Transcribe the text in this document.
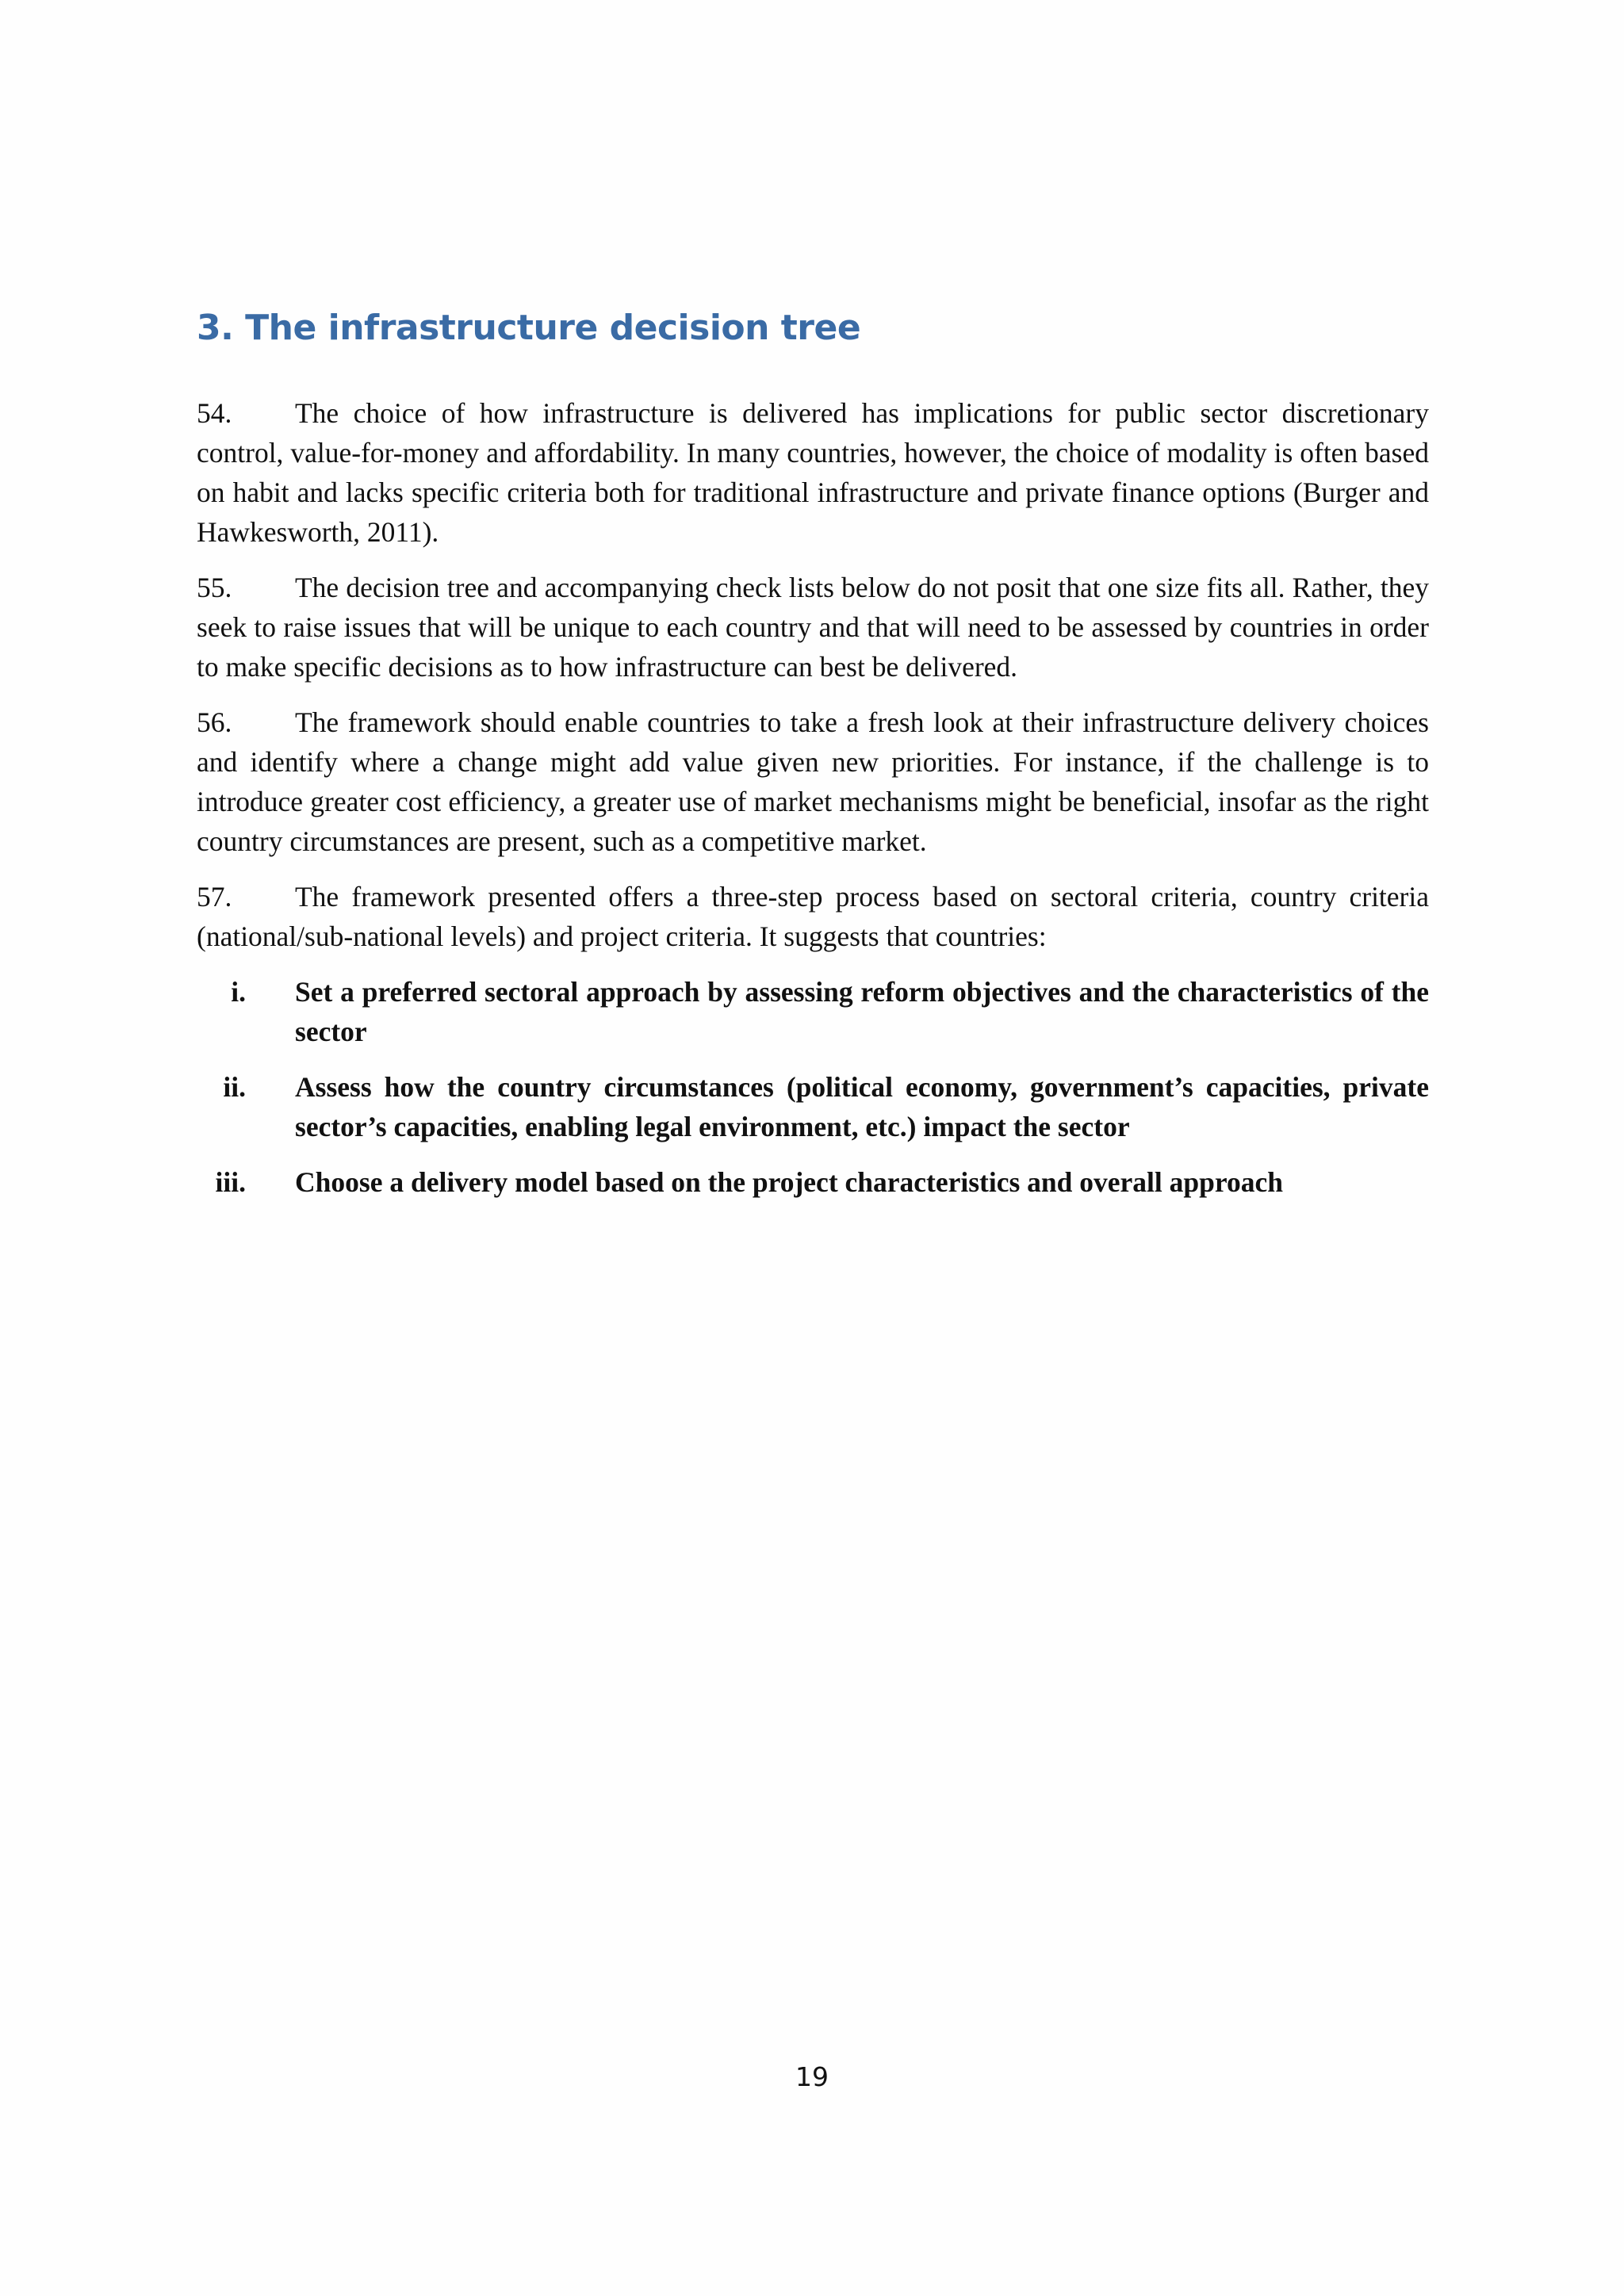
3. The infrastructure decision tree

54. The choice of how infrastructure is delivered has implications for public sector discretionary control, value-for-money and affordability. In many countries, however, the choice of modality is often based on habit and lacks specific criteria both for traditional infrastructure and private finance options (Burger and Hawkesworth, 2011).

55. The decision tree and accompanying check lists below do not posit that one size fits all. Rather, they seek to raise issues that will be unique to each country and that will need to be assessed by countries in order to make specific decisions as to how infrastructure can best be delivered.

56. The framework should enable countries to take a fresh look at their infrastructure delivery choices and identify where a change might add value given new priorities. For instance, if the challenge is to introduce greater cost efficiency, a greater use of market mechanisms might be beneficial, insofar as the right country circumstances are present, such as a competitive market.

57. The framework presented offers a three-step process based on sectoral criteria, country criteria (national/sub-national levels) and project criteria. It suggests that countries:

i. Set a preferred sectoral approach by assessing reform objectives and the characteristics of the sector
ii. Assess how the country circumstances (political economy, government’s capacities, private sector’s capacities, enabling legal environment, etc.) impact the sector
iii. Choose a delivery model based on the project characteristics and overall approach
19
